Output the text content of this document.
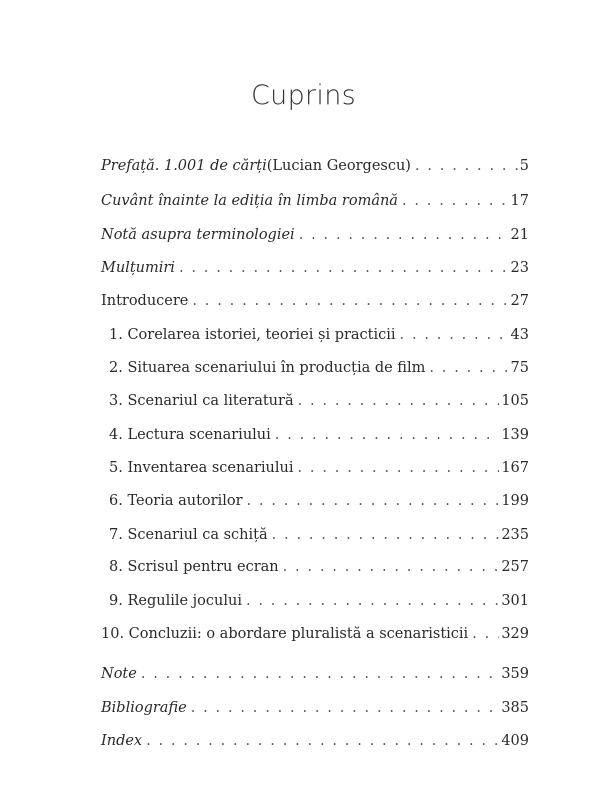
Cuprins
Prefață. 1.001 de cărți (Lucian Georgescu) . . .	5
Cuvânt înainte la ediția în limba română . . .	17
Notă asupra terminologiei . . .	21
Mulțumiri . . .	23
Introducere . . .	27
1. Corelarea istoriei, teoriei și practicii . . .	43
2. Situarea scenariului în producția de film . . .	75
3. Scenariul ca literatură . . .	105
4. Lectura scenariului . . .	139
5. Inventarea scenariului . . .	167
6. Teoria autorilor . . .	199
7. Scenariul ca schiță . . .	235
8. Scrisul pentru ecran . . .	257
9. Regulile jocului . . .	301
10. Concluzii: o abordare pluralistă a scenaristicii . . . 329
Note . . .	359
Bibliografie . . .	385
Index . . .	409
